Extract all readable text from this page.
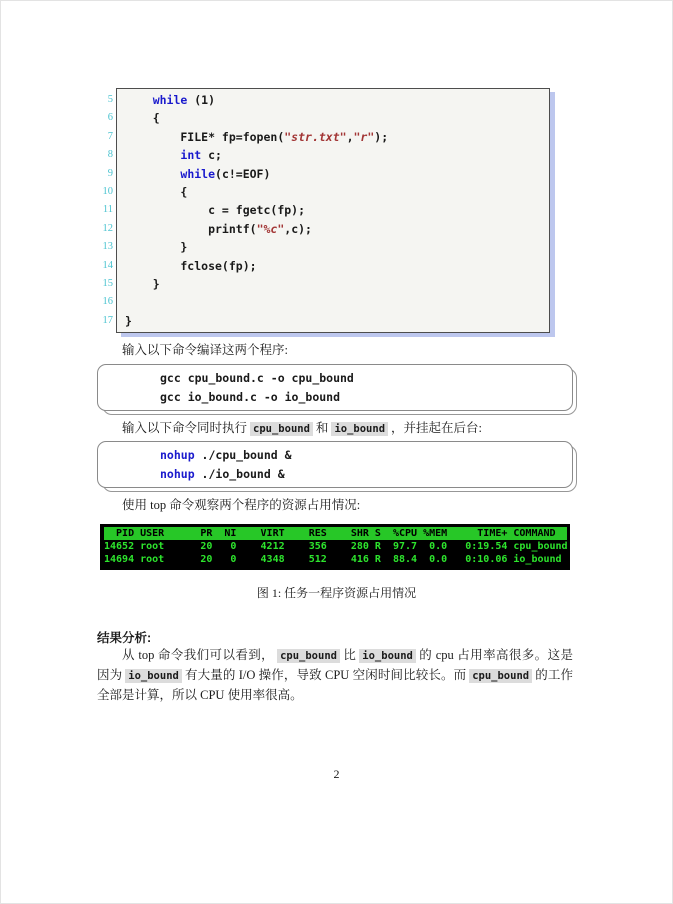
5
6
7
8
9
10
11
12
13
14
15
16
17
while (1)
{
FILE* fp=fopen("str.txt","r");
int c;
while(c!=EOF)
{
c = fgetc(fp);
printf("%c",c);
}
fclose(fp);
}

}

输入以下命令编译这两个程序:

gcc cpu_bound.c -o cpu_bound
gcc io_bound.c -o io_bound

输入以下命令同时执行 cpu_bound 和 io_bound ，并挂起在后台:

nohup ./cpu_bound &
nohup ./io_bound &

使用 top 命令观察两个程序的资源占用情况:

PID USER      PR  NI    VIRT    RES    SHR S  %CPU %MEM     TIME+ COMMAND
14652 root      20   0    4212    356    280 R  97.7  0.0   0:19.54 cpu_bound
14694 root      20   0    4348    512    416 R  88.4  0.0   0:10.06 io_bound
图 1: 任务一程序资源占用情况
结果分析:

从 top 命令我们可以看到， cpu_bound 比 io_bound 的 cpu 占用率高很多。这是因为 io_bound 有大量的 I/O 操作，导致 CPU 空闲时间比较长。而 cpu_bound 的工作全部是计算，所以 CPU 使用率很高。

2
